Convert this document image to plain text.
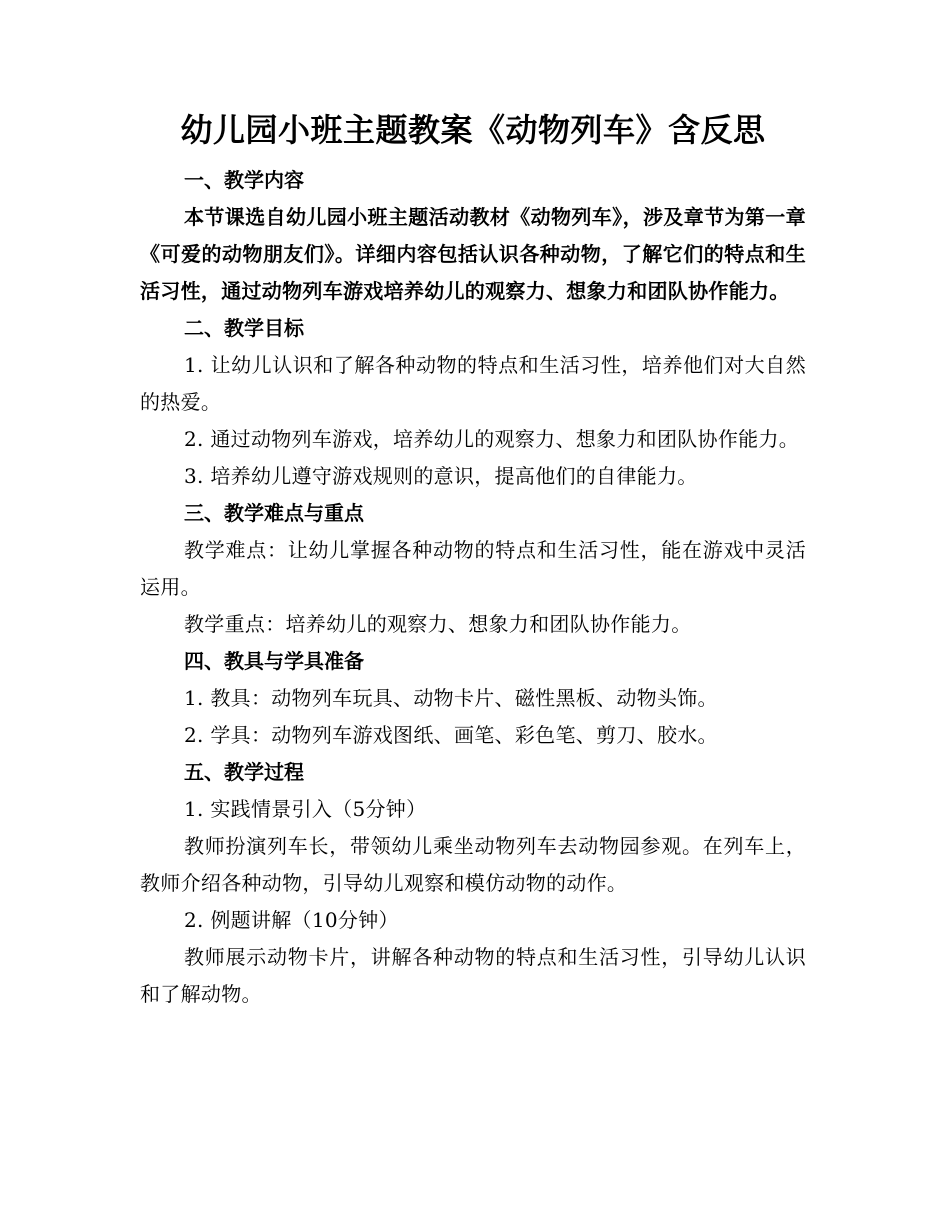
幼儿园小班主题教案《动物列车》含反思

一、教学内容

本节课选自幼儿园小班主题活动教材《动物列车》，涉及章节为第一章《可爱的动物朋友们》。详细内容包括认识各种动物，了解它们的特点和生活习性，通过动物列车游戏培养幼儿的观察力、想象力和团队协作能力。

二、教学目标

1. 让幼儿认识和了解各种动物的特点和生活习性，培养他们对大自然的热爱。

2. 通过动物列车游戏，培养幼儿的观察力、想象力和团队协作能力。

3. 培养幼儿遵守游戏规则的意识，提高他们的自律能力。

三、教学难点与重点

教学难点：让幼儿掌握各种动物的特点和生活习性，能在游戏中灵活运用。

教学重点：培养幼儿的观察力、想象力和团队协作能力。

四、教具与学具准备

1. 教具：动物列车玩具、动物卡片、磁性黑板、动物头饰。

2. 学具：动物列车游戏图纸、画笔、彩色笔、剪刀、胶水。

五、教学过程

1. 实践情景引入（5分钟）

教师扮演列车长，带领幼儿乘坐动物列车去动物园参观。在列车上，教师介绍各种动物，引导幼儿观察和模仿动物的动作。

2. 例题讲解（10分钟）

教师展示动物卡片，讲解各种动物的特点和生活习性，引导幼儿认识和了解动物。
